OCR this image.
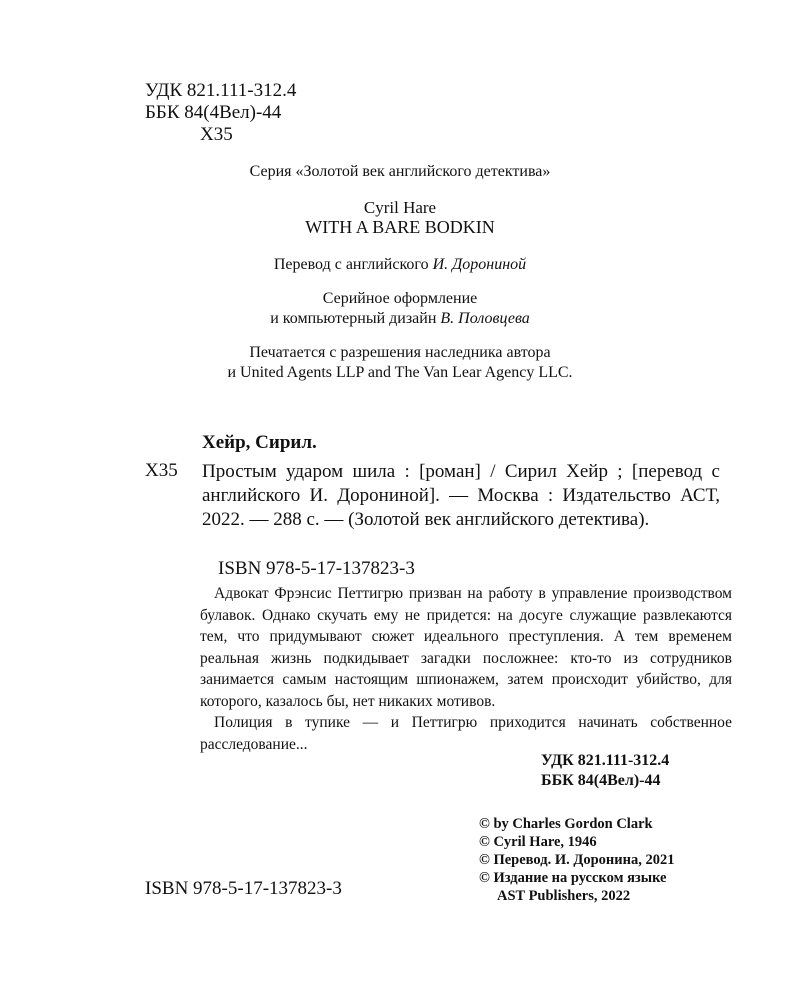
УДК 821.111-312.4
ББК 84(4Вел)-44
Х35
Серия «Золотой век английского детектива»
Cyril Hare
WITH A BARE BODKIN
Перевод с английского И. Дорониной
Серийное оформление
и компьютерный дизайн В. Половцева
Печатается с разрешения наследника автора
и United Agents LLP and The Van Lear Agency LLC.
Хейр, Сирил.
Х35 Простым ударом шила : [роман] / Сирил Хейр ; [перевод с английского И. Дорониной]. — Москва : Издательство АСТ, 2022. — 288 с. — (Золотой век английского детектива).
ISBN 978-5-17-137823-3

Адвокат Фрэнсис Петтигрю призван на работу в управление производством булавок. Однако скучать ему не придется: на досуге служащие развлекаются тем, что придумывают сюжет идеального преступления. А тем временем реальная жизнь подкидывает загадки посложнее: кто-то из сотрудников занимается самым настоящим шпионажем, затем происходит убийство, для которого, казалось бы, нет никаких мотивов.

Полиция в тупике — и Петтигрю приходится начинать собственное расследование...

УДК 821.111-312.4
ББК 84(4Вел)-44
© by Charles Gordon Clark
© Cyril Hare, 1946
© Перевод. И. Доронина, 2021
© Издание на русском языке
AST Publishers, 2022
ISBN 978-5-17-137823-3
